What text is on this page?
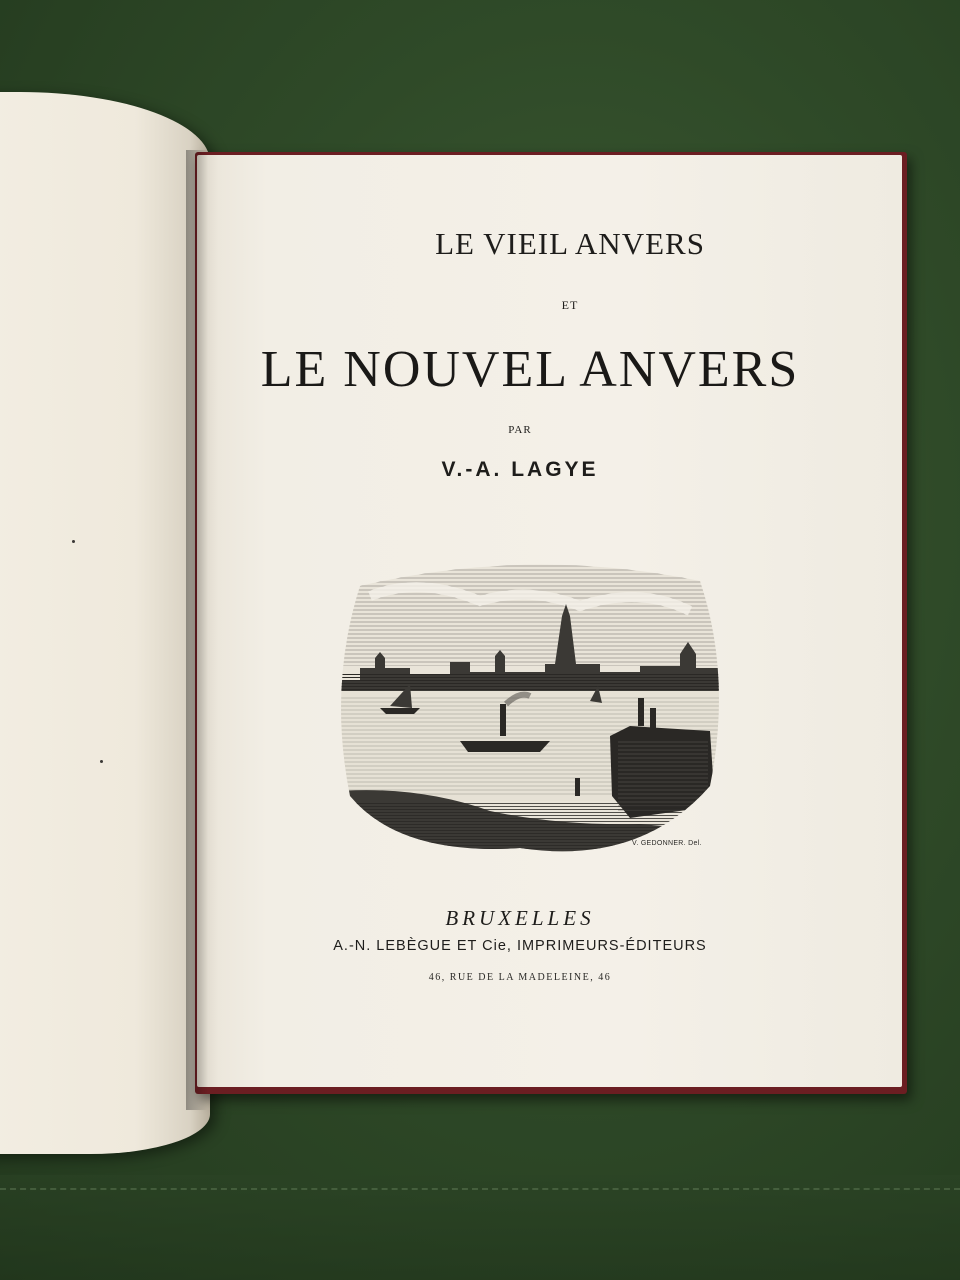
LE VIEIL ANVERS
ET
LE NOUVEL ANVERS
PAR
V.-A. LAGYE
V. GEDONNER. Del.
BRUXELLES
A.-N. LEBÈGUE ET Cie, IMPRIMEURS-ÉDITEURS
46, RUE DE LA MADELEINE, 46
